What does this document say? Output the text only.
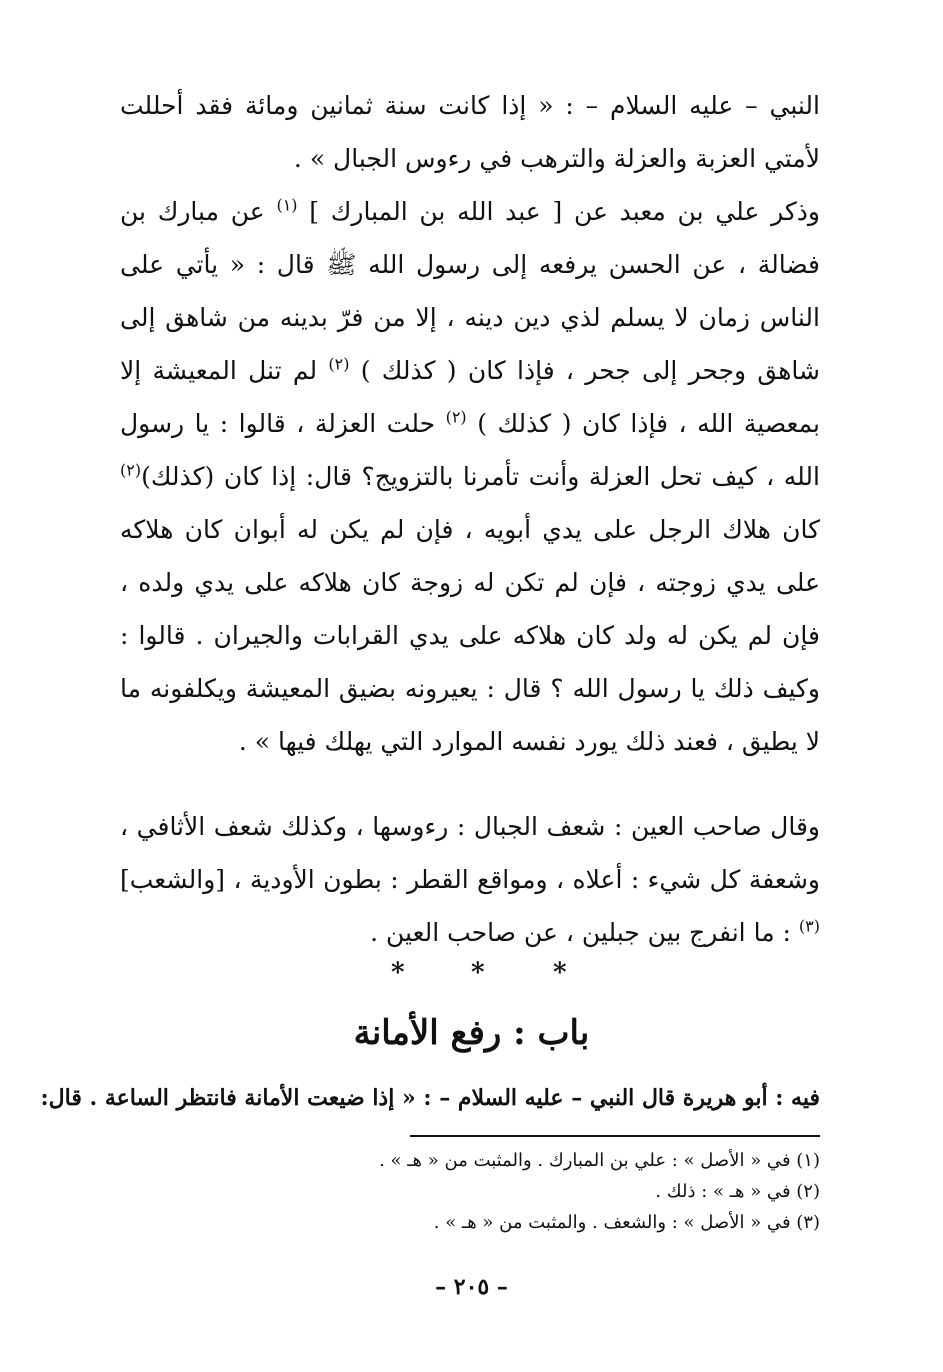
النبي – عليه السلام – : « إذا كانت سنة ثمانين ومائة فقد أحللت لأمتي العزبة والعزلة والترهب في رءوس الجبال » .

وذكر علي بن معبد عن [ عبد الله بن المبارك ] $^{(١)}$ عن مبارك بن فضالة ، عن الحسن يرفعه إلى رسول الله ﷺ قال : « يأتي على الناس زمان لا يسلم لذي دين دينه ، إلا من فرّ بدينه من شاهق إلى شاهق وجحر إلى جحر ، فإذا كان ( كذلك ) $^{(٢)}$ لم تنل المعيشة إلا بمعصية الله ، فإذا كان ( كذلك ) $^{(٢)}$ حلت العزلة ، قالوا : يا رسول الله ، كيف تحل العزلة وأنت تأمرنا بالتزويج؟ قال: إذا كان (كذلك)$^{(٢)}$ كان هلاك الرجل على يدي أبويه ، فإن لم يكن له أبوان كان هلاكه على يدي زوجته ، فإن لم تكن له زوجة كان هلاكه على يدي ولده ، فإن لم يكن له ولد كان هلاكه على يدي القرابات والجيران . قالوا : وكيف ذلك يا رسول الله ؟ قال : يعيرونه بضيق المعيشة ويكلفونه ما لا يطيق ، فعند ذلك يورد نفسه الموارد التي يهلك فيها » .

وقال صاحب العين : شعف الجبال : رءوسها ، وكذلك شعف الأثافي ، وشعفة كل شيء : أعلاه ، ومواقع القطر : بطون الأودية ، [والشعب] $^{(٣)}$ : ما انفرج بين جبلين ، عن صاحب العين .

*	*	*
باب : رفع الأمانة
فيه : أبو هريرة قال النبي – عليه السلام – : « إذا ضيعت الأمانة فانتظر الساعة . قال:
(١) في « الأصل » : علي بن المبارك . والمثبت من « هـ » .
(٢) في « هـ » : ذلك .
(٣) في « الأصل » : والشعف . والمثبت من « هـ » .
– ٢٠٥ –
